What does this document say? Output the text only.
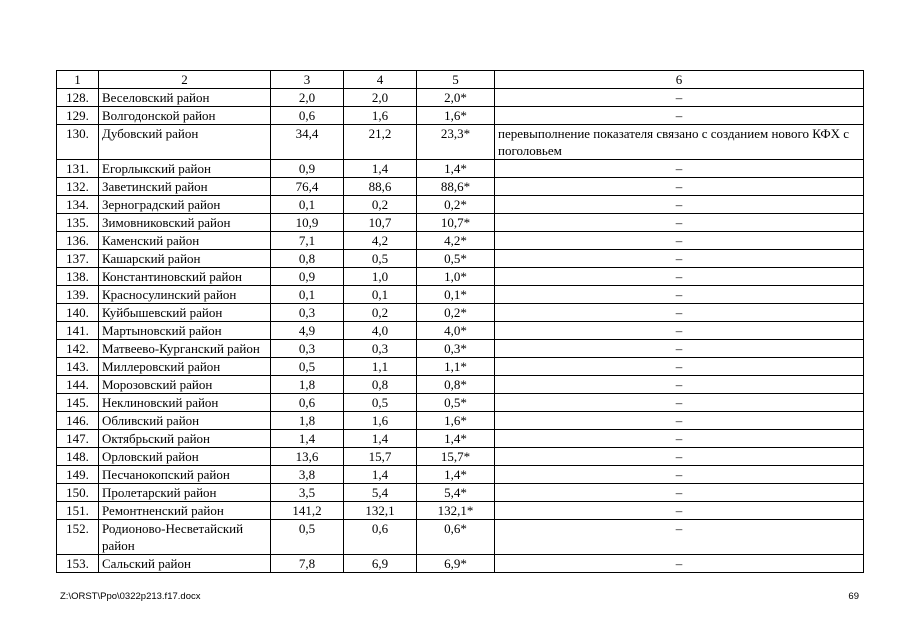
1	2	3	4	5	6
128.	Веселовский район	2,0	2,0	2,0*	–
129.	Волгодонской район	0,6	1,6	1,6*	–
130.	Дубовский район	34,4	21,2	23,3*	перевыполнение показателя связано с созданием нового КФХ с поголовьем
131.	Егорлыкский район	0,9	1,4	1,4*	–
132.	Заветинский район	76,4	88,6	88,6*	–
134.	Зерноградский район	0,1	0,2	0,2*	–
135.	Зимовниковский район	10,9	10,7	10,7*	–
136.	Каменский район	7,1	4,2	4,2*	–
137.	Кашарский район	0,8	0,5	0,5*	–
138.	Константиновский район	0,9	1,0	1,0*	–
139.	Красносулинский район	0,1	0,1	0,1*	–
140.	Куйбышевский район	0,3	0,2	0,2*	–
141.	Мартыновский район	4,9	4,0	4,0*	–
142.	Матвеево-Курганский район	0,3	0,3	0,3*	–
143.	Миллеровский район	0,5	1,1	1,1*	–
144.	Морозовский район	1,8	0,8	0,8*	–
145.	Неклиновский район	0,6	0,5	0,5*	–
146.	Обливский район	1,8	1,6	1,6*	–
147.	Октябрьский район	1,4	1,4	1,4*	–
148.	Орловский район	13,6	15,7	15,7*	–
149.	Песчанокопский район	3,8	1,4	1,4*	–
150.	Пролетарский район	3,5	5,4	5,4*	–
151.	Ремонтненский район	141,2	132,1	132,1*	–
152.	Родионово-Несветайский район	0,5	0,6	0,6*	–
153.	Сальский район	7,8	6,9	6,9*	–
Z:\ORST\Ppo\0322p213.f17.docx	69
